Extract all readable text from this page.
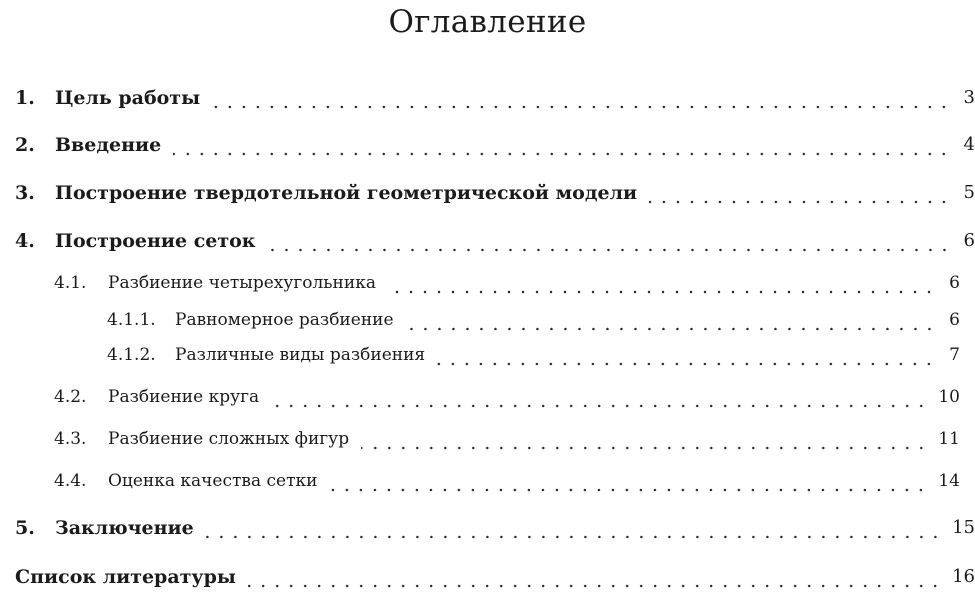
Оглавление
1.	Цель работы	3
2.	Введение	4
3.	Построение твердотельной геометрической модели	5
4.	Построение сеток	6
4.1.	Разбиение четырехугольника	6
4.1.1.	Равномерное разбиение	6
4.1.2.	Различные виды разбиения	7
4.2.	Разбиение круга	10
4.3.	Разбиение сложных фигур	11
4.4.	Оценка качества сетки	14
5.	Заключение	15
Список литературы	16
